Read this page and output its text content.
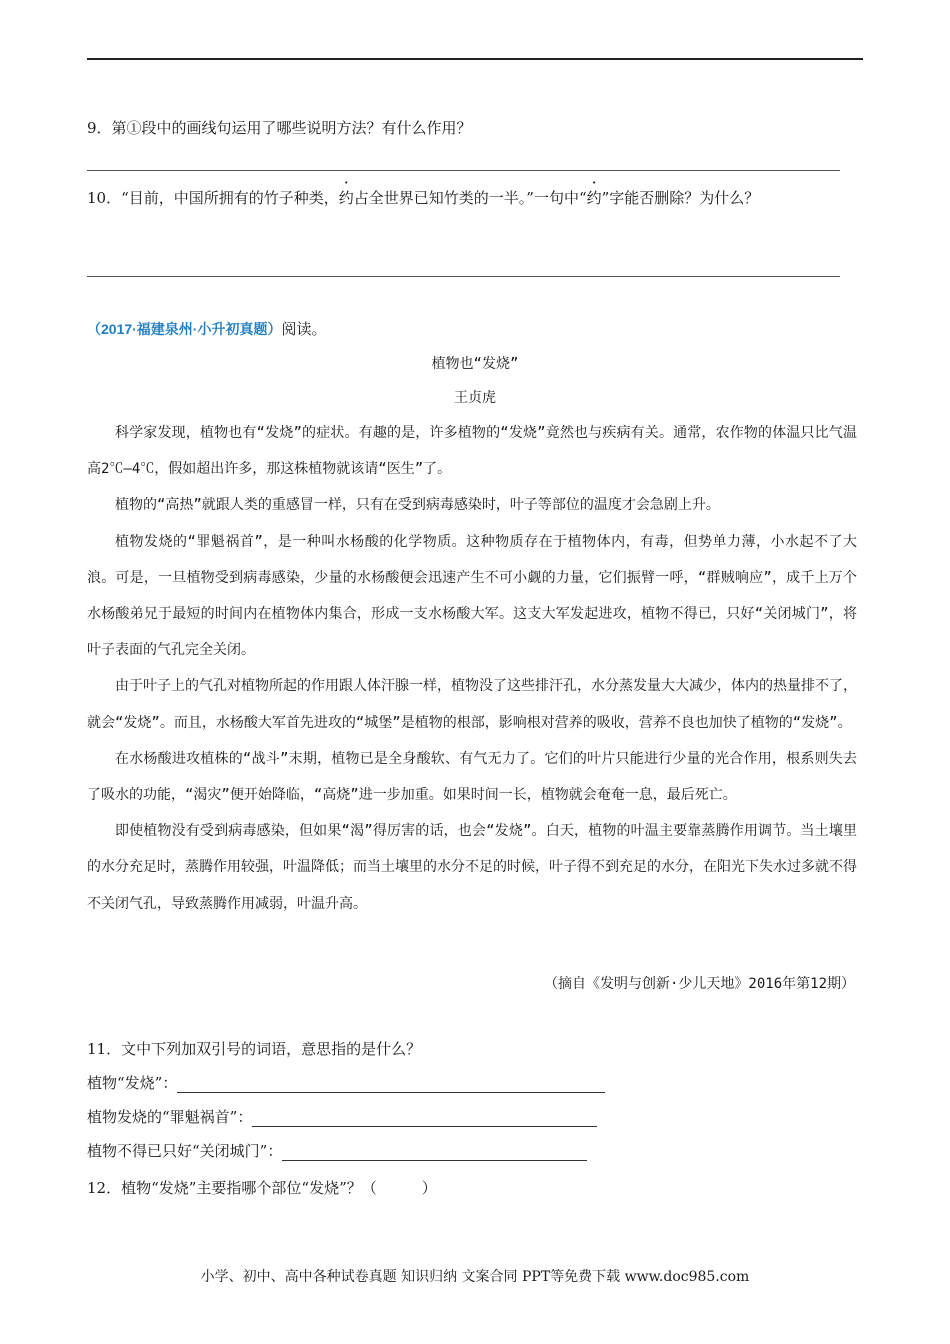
9．第①段中的画线句运用了哪些说明方法？有什么作用？
10．“目前，中国所拥有的竹子种类，约占全世界已知竹类的一半。”一句中“约”字能否删除？为什么？
（2017·福建泉州·小升初真题）阅读。
植物也“发烧”
王贞虎

科学家发现，植物也有“发烧”的症状。有趣的是，许多植物的“发烧”竟然也与疾病有关。通常，农作物的体温只比气温高2℃—4℃，假如超出许多，那这株植物就该请“医生”了。

植物的“高热”就跟人类的重感冒一样，只有在受到病毒感染时，叶子等部位的温度才会急剧上升。

植物发烧的“罪魁祸首”，是一种叫水杨酸的化学物质。这种物质存在于植物体内，有毒，但势单力薄，小水起不了大浪。可是，一旦植物受到病毒感染，少量的水杨酸便会迅速产生不可小觑的力量，它们振臂一呼，“群贼响应”，成千上万个水杨酸弟兄于最短的时间内在植物体内集合，形成一支水杨酸大军。这支大军发起进攻，植物不得已，只好“关闭城门”，将叶子表面的气孔完全关闭。

由于叶子上的气孔对植物所起的作用跟人体汗腺一样，植物没了这些排汗孔，水分蒸发量大大减少，体内的热量排不了，就会“发烧”。而且，水杨酸大军首先进攻的“城堡”是植物的根部，影响根对营养的吸收，营养不良也加快了植物的“发烧”。

在水杨酸进攻植株的“战斗”末期，植物已是全身酸软、有气无力了。它们的叶片只能进行少量的光合作用，根系则失去了吸水的功能，“渴灾”便开始降临，“高烧”进一步加重。如果时间一长，植物就会奄奄一息，最后死亡。

即使植物没有受到病毒感染，但如果“渴”得厉害的话，也会“发烧”。白天，植物的叶温主要靠蒸腾作用调节。当土壤里的水分充足时，蒸腾作用较强，叶温降低；而当土壤里的水分不足的时候，叶子得不到充足的水分，在阳光下失水过多就不得不关闭气孔，导致蒸腾作用减弱，叶温升高。

（摘自《发明与创新·少儿天地》2016年第12期）
11．文中下列加双引号的词语，意思指的是什么？
植物“发烧”：
植物发烧的“罪魁祸首”：
植物不得已只好“关闭城门”：
12．植物“发烧”主要指哪个部位“发烧”？（　　　）
小学、初中、高中各种试卷真题 知识归纳 文案合同 PPT等免费下载 www.doc985.com
